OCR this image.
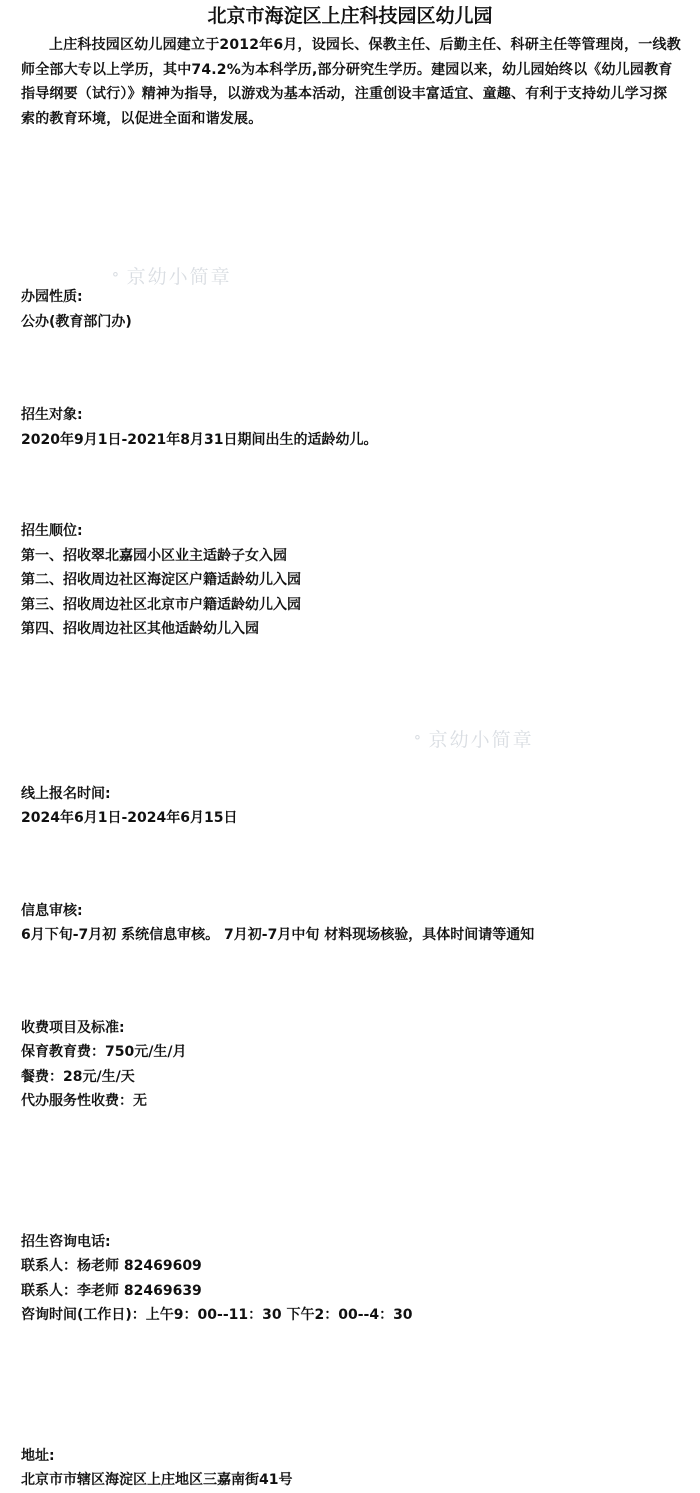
北京市海淀区上庄科技园区幼儿园

上庄科技园区幼儿园建立于2012年6月，设园长、保教主任、后勤主任、科研主任等管理岗，一线教师全部大专以上学历，其中74.2%为本科学历,部分研究生学历。建园以来，幼儿园始终以《幼儿园教育指导纲要（试行）》精神为指导，以游戏为基本活动，注重创设丰富适宜、童趣、有利于支持幼儿学习探索的教育环境，以促进全面和谐发展。

ᐤ 京幼小简章
ᐤ 京幼小简章
办园性质:
公办(教育部门办)
招生对象:
2020年9月1日-2021年8月31日期间出生的适龄幼儿。
招生顺位:
第一、招收翠北嘉园小区业主适龄子女入园
第二、招收周边社区海淀区户籍适龄幼儿入园
第三、招收周边社区北京市户籍适龄幼儿入园
第四、招收周边社区其他适龄幼儿入园
线上报名时间:
2024年6月1日-2024年6月15日
信息审核:
6月下旬-7月初 系统信息审核。 7月初-7月中旬 材料现场核验，具体时间请等通知
收费项目及标准:
保育教育费：750元/生/月
餐费：28元/生/天
代办服务性收费：无
招生咨询电话:
联系人：杨老师 82469609
联系人：李老师 82469639
咨询时间(工作日)：上午9：00--11：30 下午2：00--4：30
地址:
北京市市辖区海淀区上庄地区三嘉南街41号
